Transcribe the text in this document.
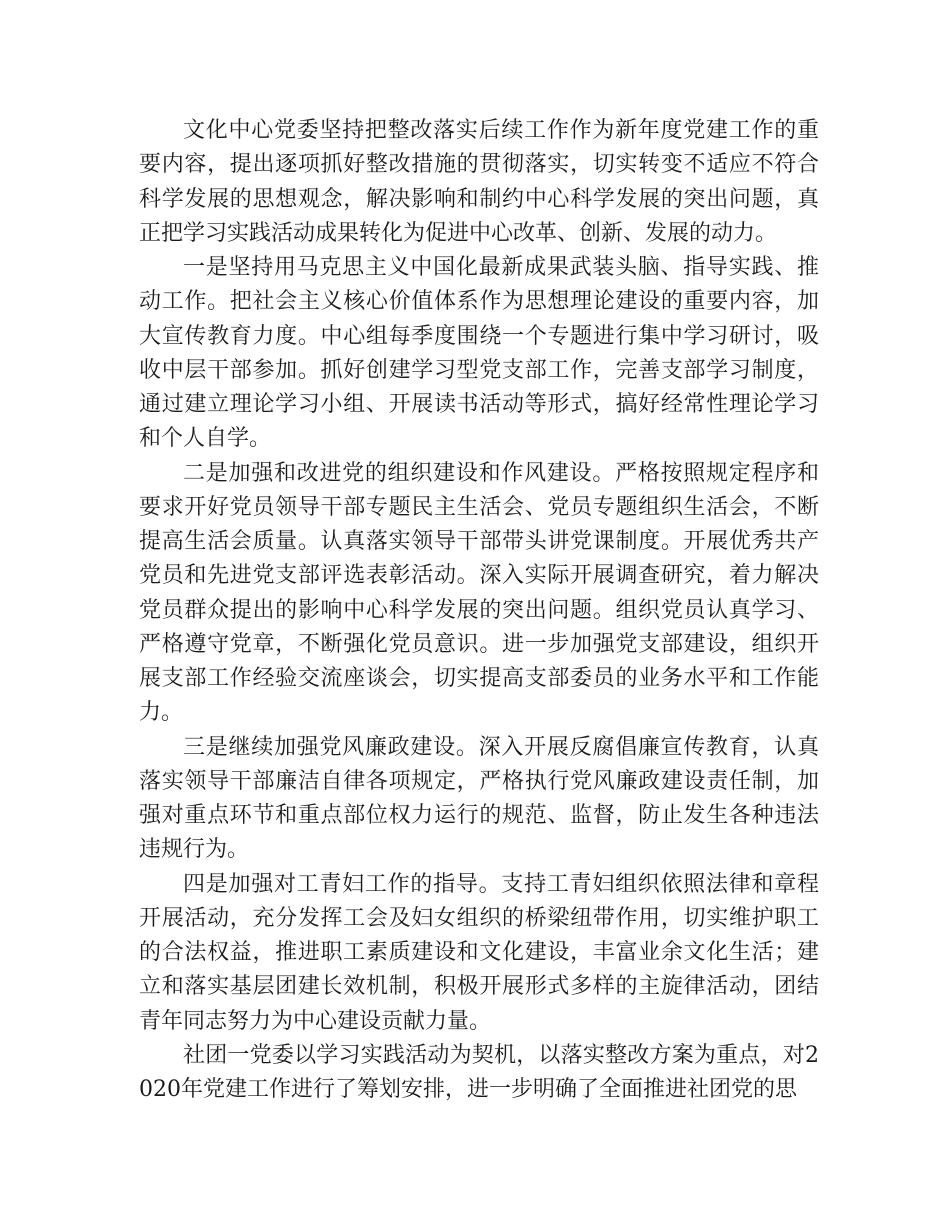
文化中心党委坚持把整改落实后续工作作为新年度党建工作的重要内容，提出逐项抓好整改措施的贯彻落实，切实转变不适应不符合科学发展的思想观念，解决影响和制约中心科学发展的突出问题，真正把学习实践活动成果转化为促进中心改革、创新、发展的动力。

一是坚持用马克思主义中国化最新成果武装头脑、指导实践、推动工作。把社会主义核心价值体系作为思想理论建设的重要内容，加大宣传教育力度。中心组每季度围绕一个专题进行集中学习研讨，吸收中层干部参加。抓好创建学习型党支部工作，完善支部学习制度，通过建立理论学习小组、开展读书活动等形式，搞好经常性理论学习和个人自学。

二是加强和改进党的组织建设和作风建设。严格按照规定程序和要求开好党员领导干部专题民主生活会、党员专题组织生活会，不断提高生活会质量。认真落实领导干部带头讲党课制度。开展优秀共产党员和先进党支部评选表彰活动。深入实际开展调查研究，着力解决党员群众提出的影响中心科学发展的突出问题。组织党员认真学习、严格遵守党章，不断强化党员意识。进一步加强党支部建设，组织开展支部工作经验交流座谈会，切实提高支部委员的业务水平和工作能力。

三是继续加强党风廉政建设。深入开展反腐倡廉宣传教育，认真落实领导干部廉洁自律各项规定，严格执行党风廉政建设责任制，加强对重点环节和重点部位权力运行的规范、监督，防止发生各种违法违规行为。

四是加强对工青妇工作的指导。支持工青妇组织依照法律和章程开展活动，充分发挥工会及妇女组织的桥梁纽带作用，切实维护职工的合法权益，推进职工素质建设和文化建设，丰富业余文化生活；建立和落实基层团建长效机制，积极开展形式多样的主旋律活动，团结青年同志努力为中心建设贡献力量。

社团一党委以学习实践活动为契机，以落实整改方案为重点，对2020年党建工作进行了筹划安排，进一步明确了全面推进社团党的思
